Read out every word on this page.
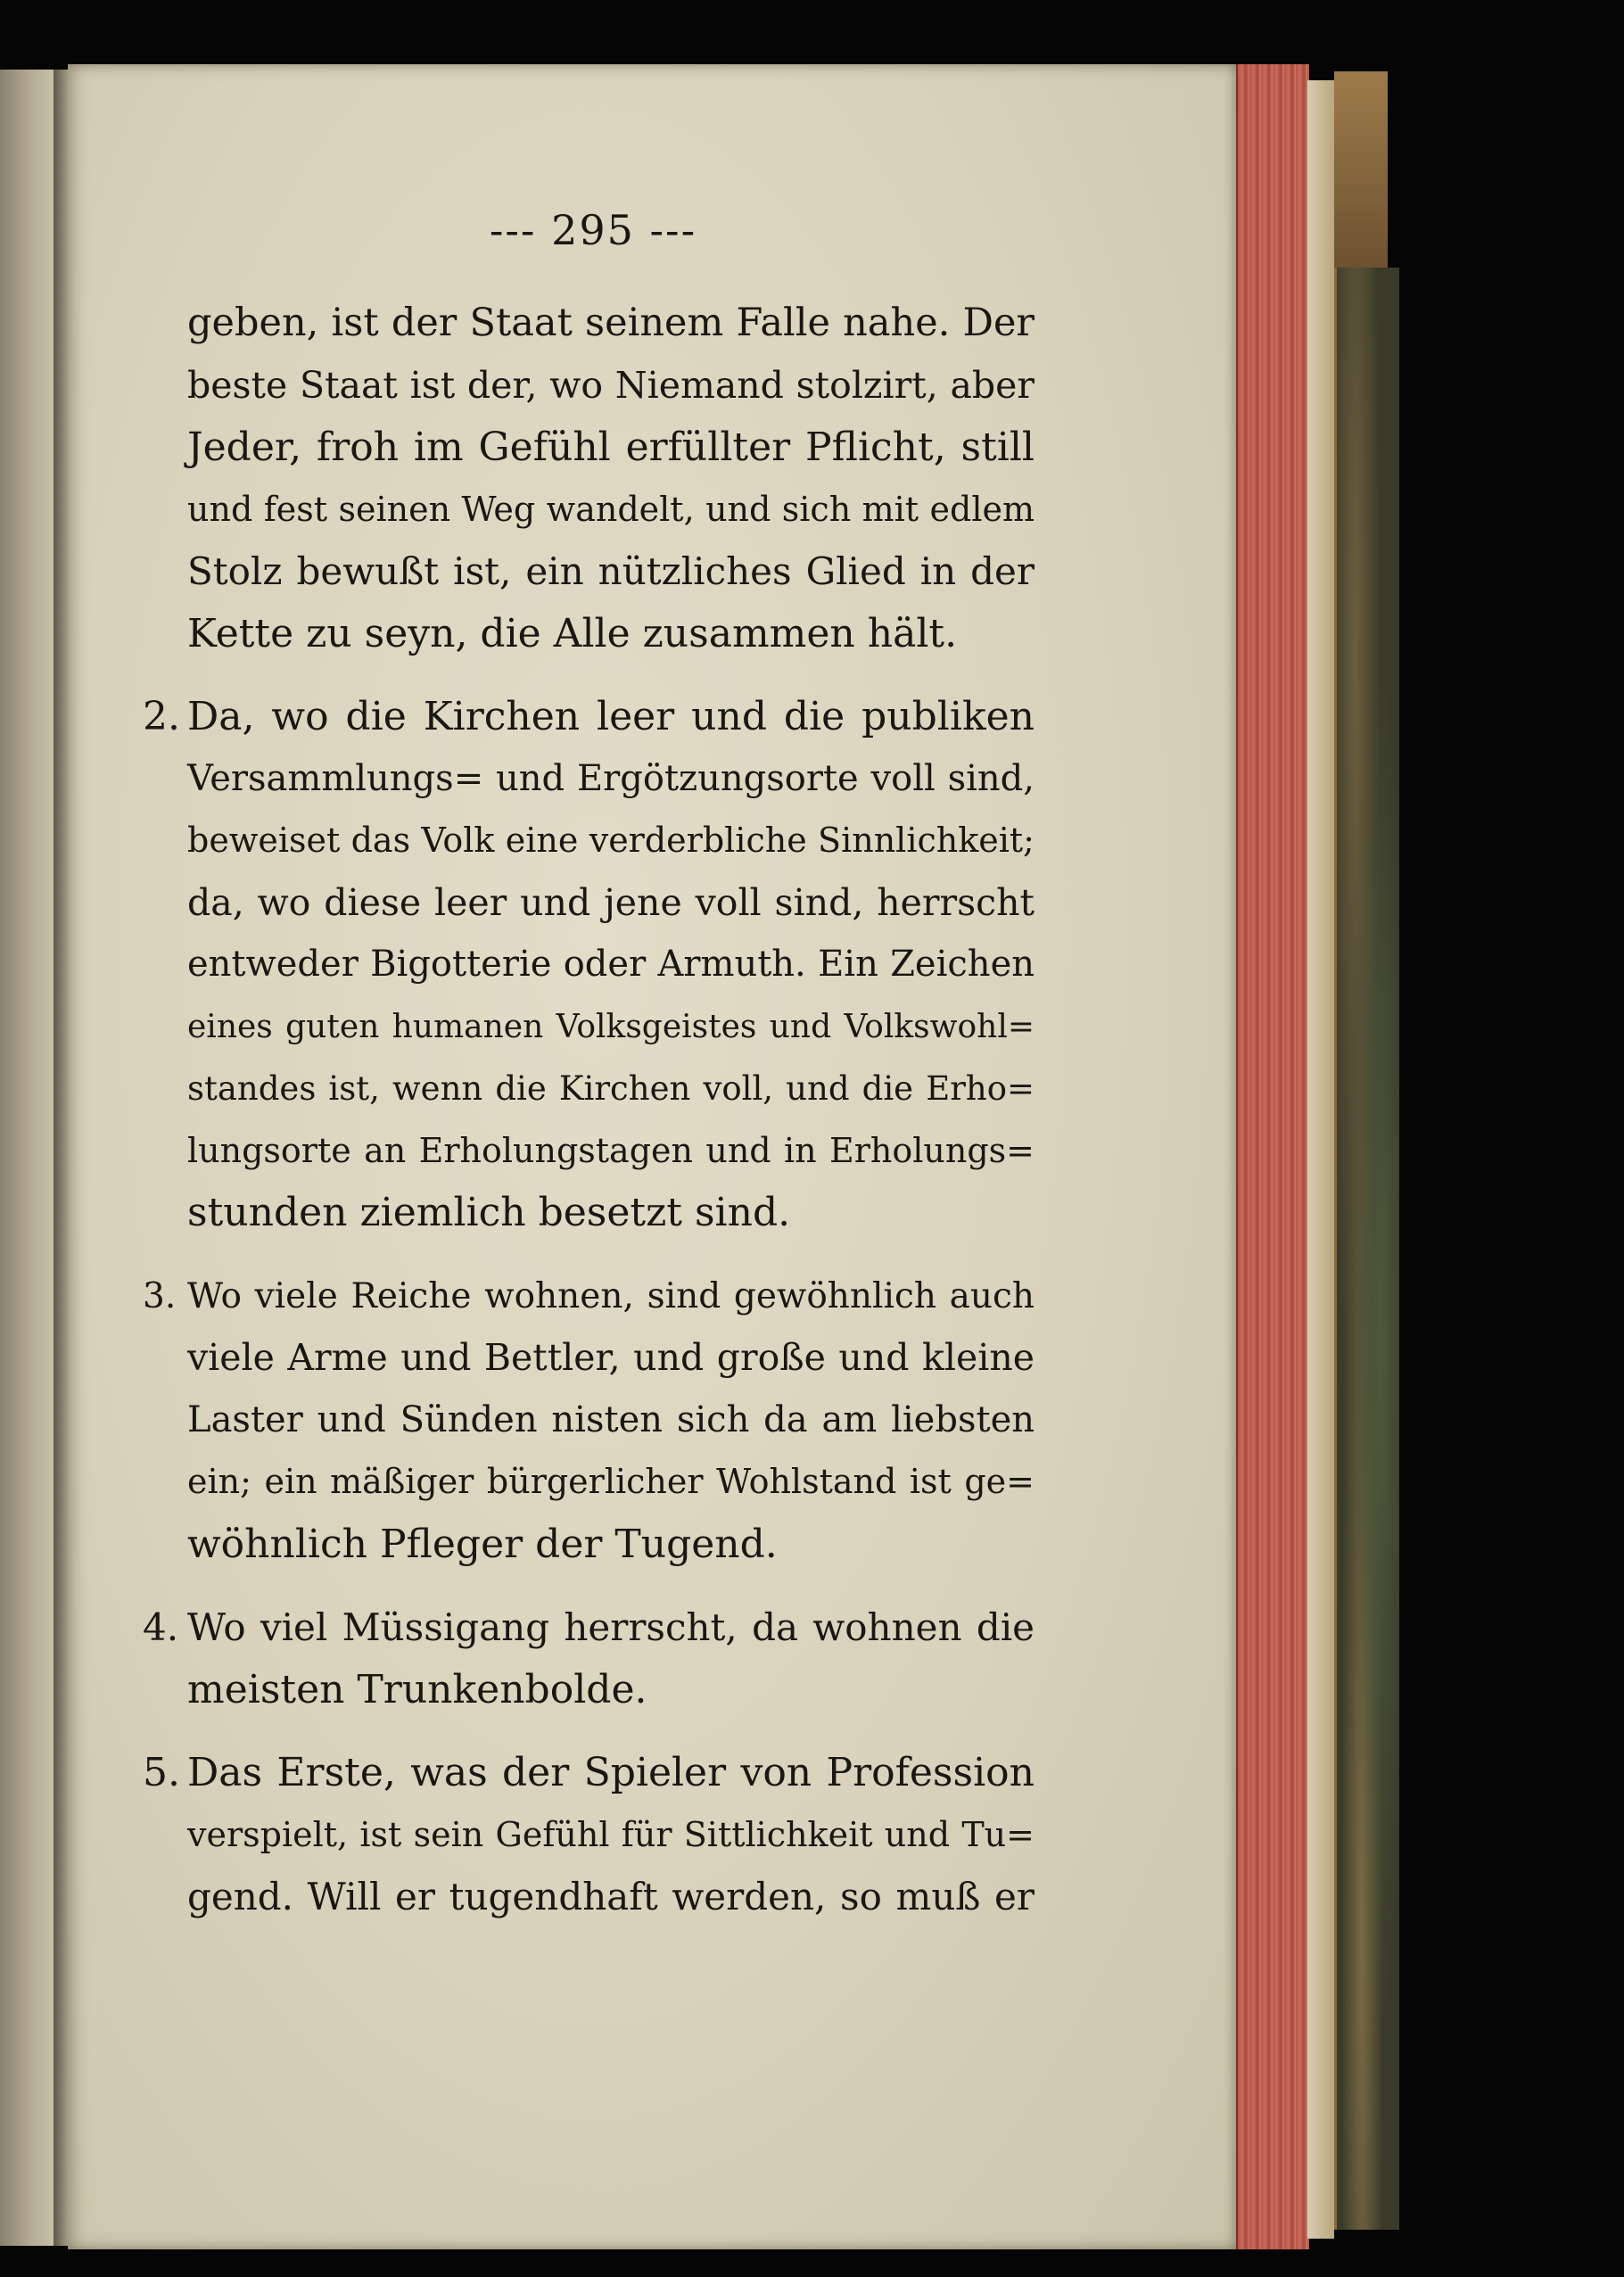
--- 295 ---
geben, ist der Staat seinem Falle nahe. Der
beste Staat ist der, wo Niemand stolzirt, aber
Jeder, froh im Gefühl erfüllter Pflicht, still
und fest seinen Weg wandelt, und sich mit edlem
Stolz bewußt ist, ein nützliches Glied in der
Kette zu seyn, die Alle zusammen hält.
2. Da, wo die Kirchen leer und die publiken
Versammlungs= und Ergötzungsorte voll sind,
beweiset das Volk eine verderbliche Sinnlichkeit;
da, wo diese leer und jene voll sind, herrscht
entweder Bigotterie oder Armuth. Ein Zeichen
eines guten humanen Volksgeistes und Volkswohl=
standes ist, wenn die Kirchen voll, und die Erho=
lungsorte an Erholungstagen und in Erholungs=
stunden ziemlich besetzt sind.
3. Wo viele Reiche wohnen, sind gewöhnlich auch
viele Arme und Bettler, und große und kleine
Laster und Sünden nisten sich da am liebsten
ein; ein mäßiger bürgerlicher Wohlstand ist ge=
wöhnlich Pfleger der Tugend.
4. Wo viel Müssigang herrscht, da wohnen die
meisten Trunkenbolde.
5. Das Erste, was der Spieler von Profession
verspielt, ist sein Gefühl für Sittlichkeit und Tu=
gend. Will er tugendhaft werden, so muß er
